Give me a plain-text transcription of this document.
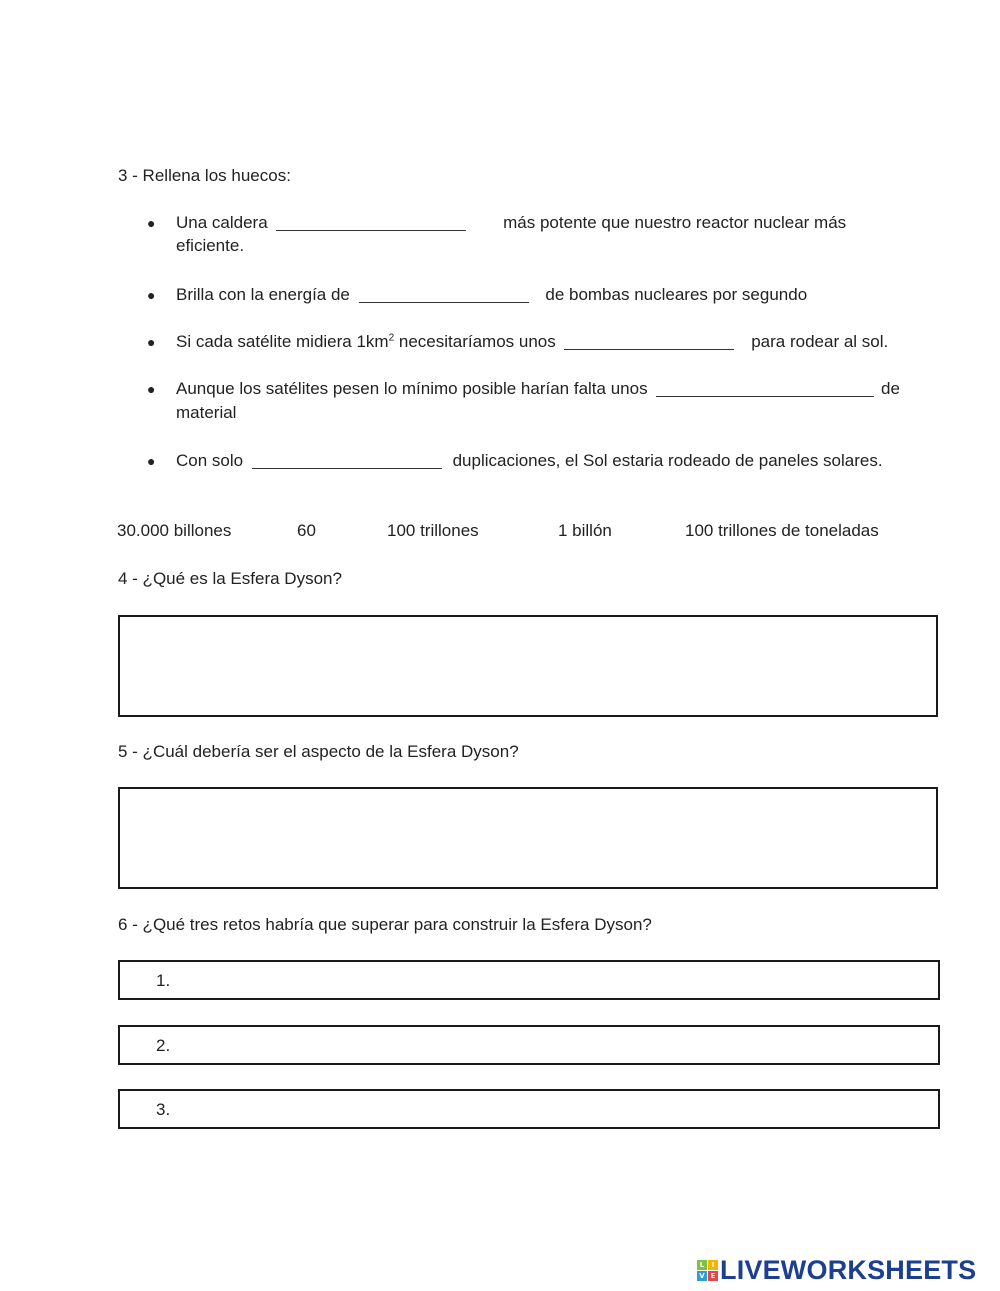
3 - Rellena los huecos:
● Una caldera	más potente que nuestro reactor nuclear más
eficiente.
● Brilla con la energía de	de bombas nucleares por segundo
● Si cada satélite midiera $1km^2$ necesitaríamos unos	para rodear al sol.
● Aunque los satélites pesen lo mínimo posible harían falta unos	de
material
● Con solo	duplicaciones, el Sol estaria rodeado de paneles solares.
30.000 billones	60	100 trillones	1 billón	100 trillones de toneladas
4 - ¿Qué es la Esfera Dyson?
5 - ¿Cuál debería ser el aspecto de la Esfera Dyson?
6 - ¿Qué tres retos habría que superar para construir la Esfera Dyson?
1.
2.
3.
L	I
V E LIVEWORKSHEETS
